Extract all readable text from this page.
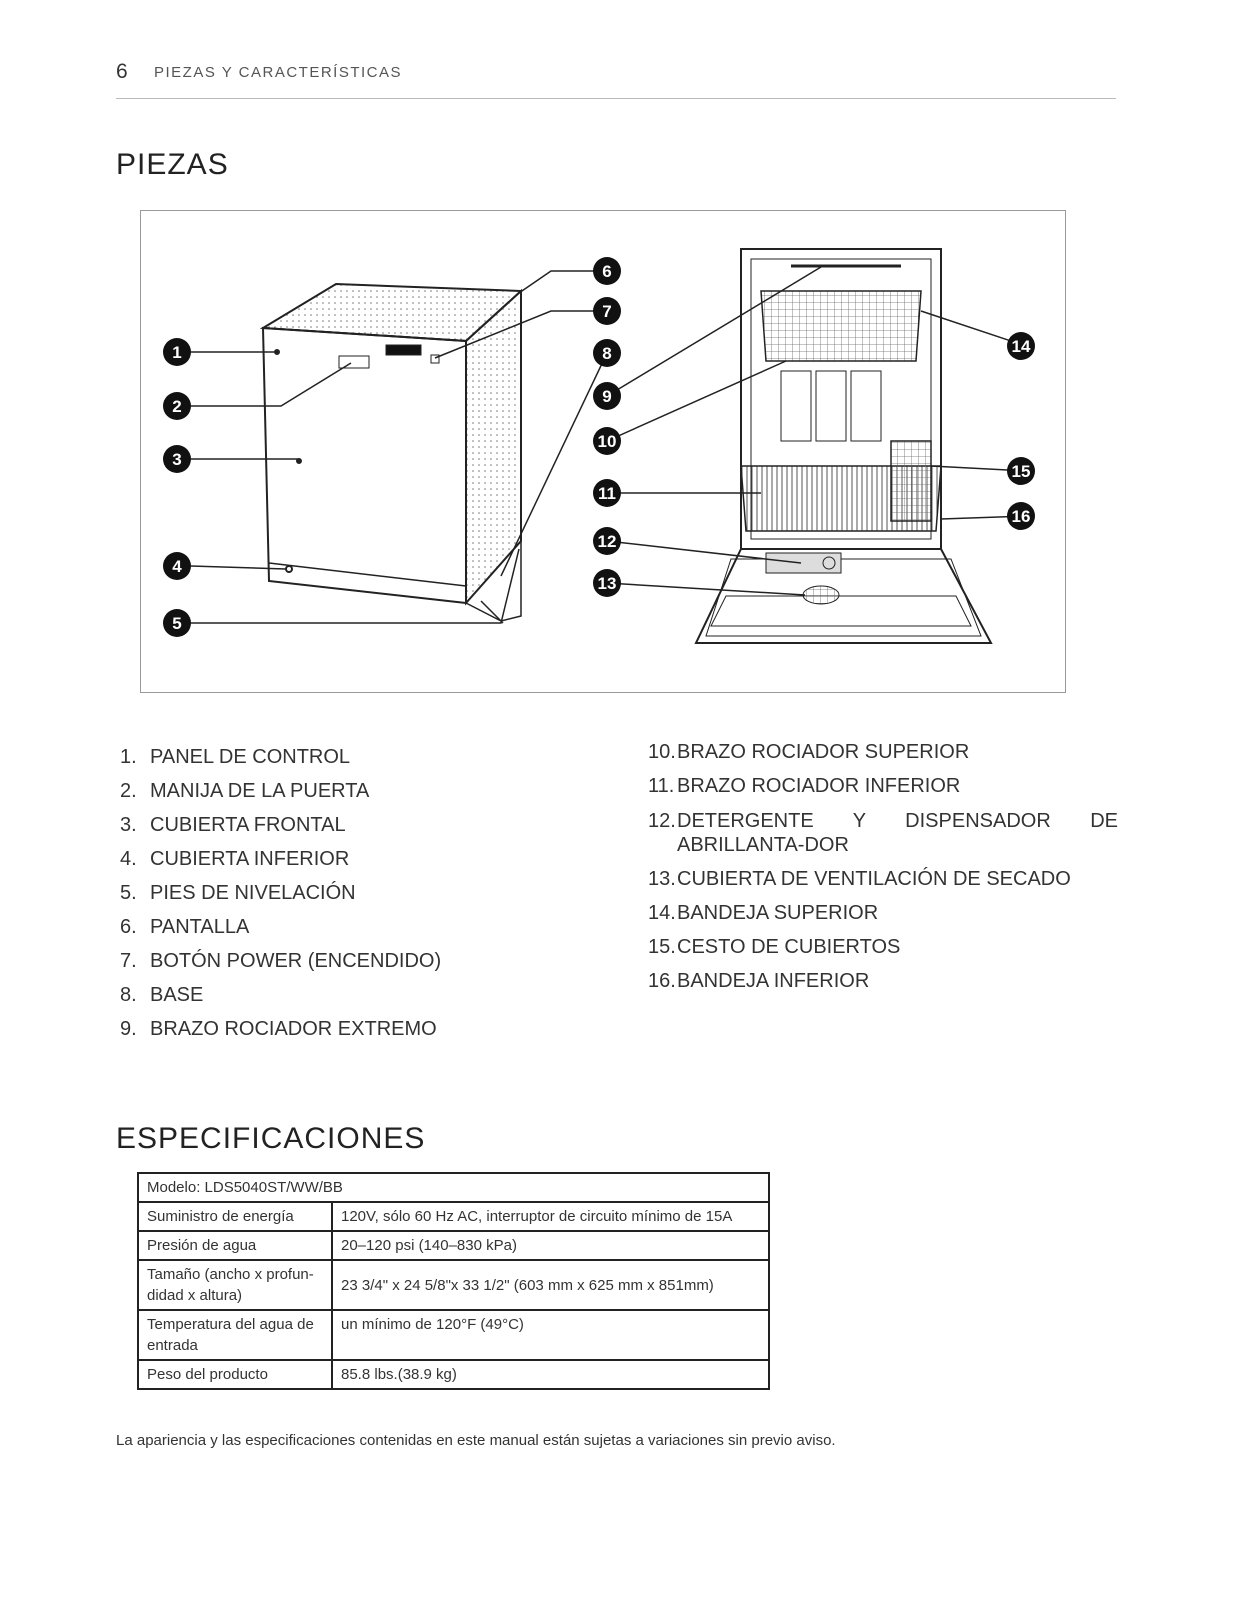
6 PIEZAS Y CARACTERÍSTICAS
PIEZAS
1
2
3
4
5
6
7
8
9
10
11
12
13
14
15
16
1. PANEL DE CONTROL
2. MANIJA DE LA PUERTA
3. CUBIERTA FRONTAL
4. CUBIERTA INFERIOR
5. PIES DE NIVELACIÓN
6. PANTALLA
7. BOTÓN POWER (ENCENDIDO)
8. BASE
9. BRAZO ROCIADOR EXTREMO
10. BRAZO ROCIADOR SUPERIOR
11. BRAZO ROCIADOR INFERIOR
12. DETERGENTE Y DISPENSADOR DE ABRILLANTA-DOR
13. CUBIERTA DE VENTILACIÓN DE SECADO
14. BANDEJA SUPERIOR
15. CESTO DE CUBIERTOS
16. BANDEJA INFERIOR
ESPECIFICACIONES
Modelo: LDS5040ST/WW/BB	
Suministro de energía	120V, sólo 60 Hz AC, interruptor de circuito mínimo de 15A
Presión de agua	20–120 psi (140–830 kPa)
Tamaño (ancho x profun-didad x altura)	23 3/4" x 24 5/8"x 33 1/2" (603 mm x 625 mm x 851mm)
Temperatura del agua de entrada	un mínimo de 120°F (49°C)
Peso del producto	85.8 lbs.(38.9 kg)
La apariencia y las especificaciones contenidas en este manual están sujetas a variaciones sin previo aviso.
